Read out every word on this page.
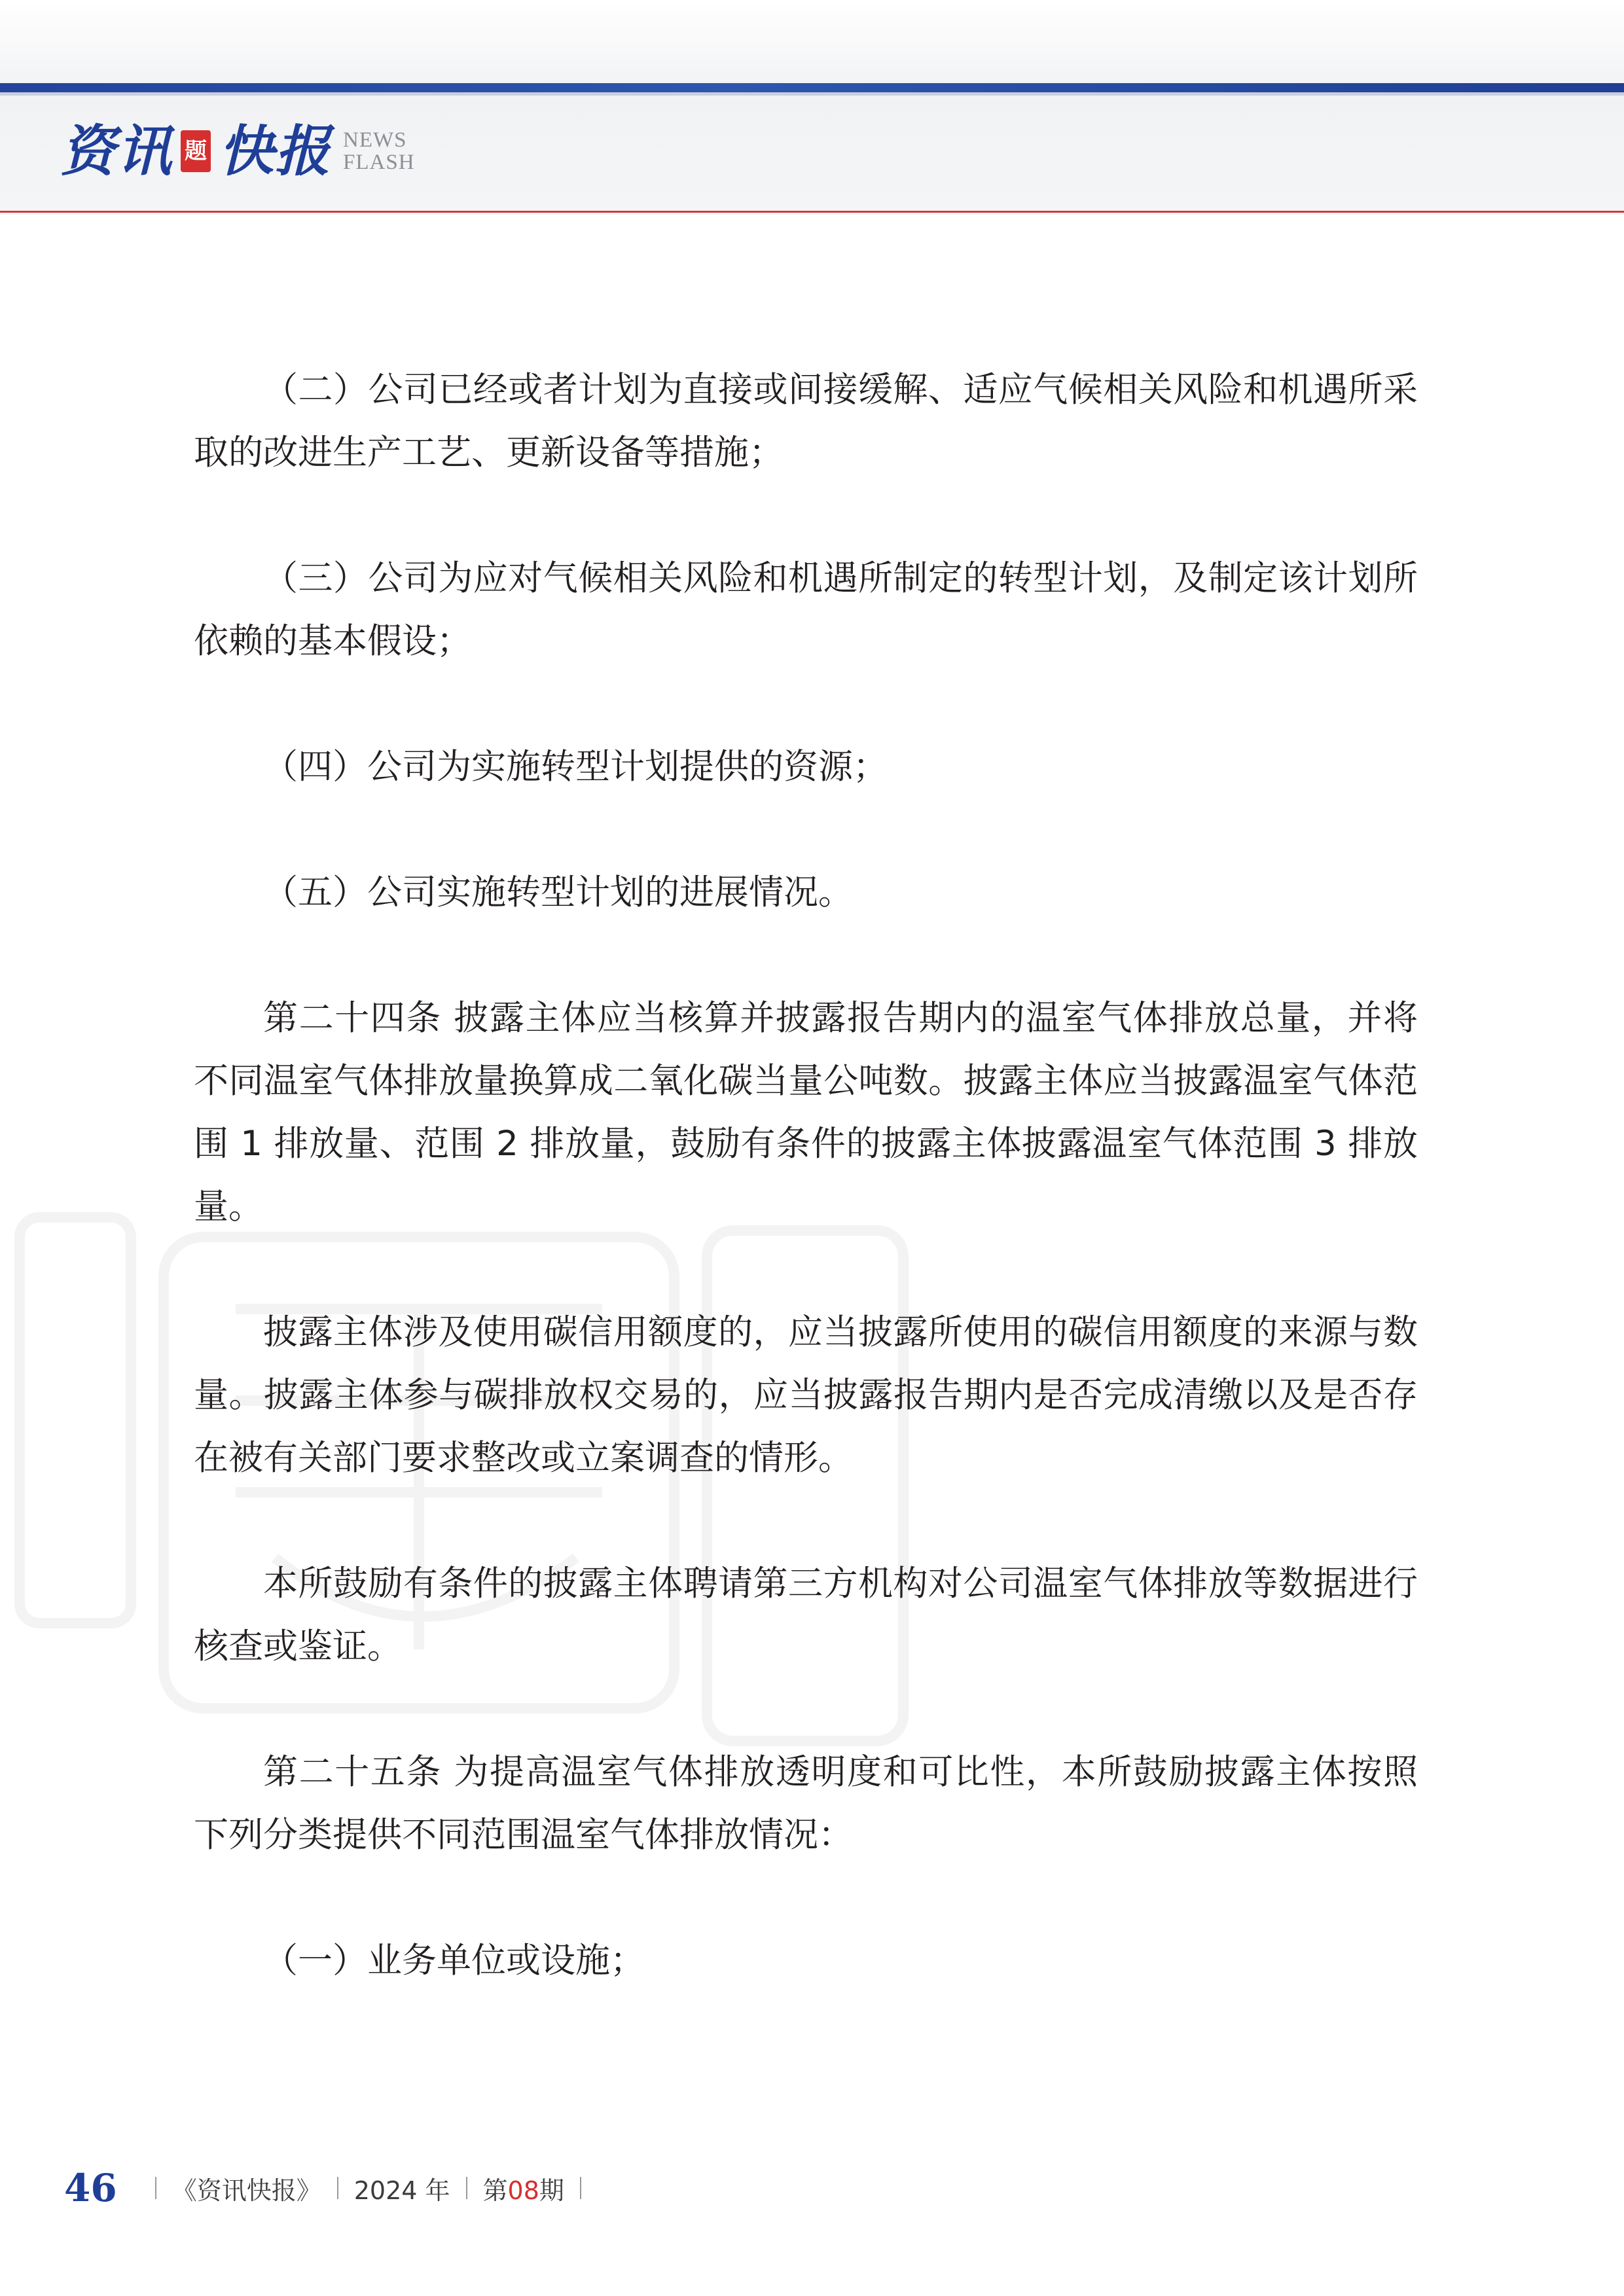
资讯 题 快报 NEWS
FLASH

（二）公司已经或者计划为直接或间接缓解、适应气候相关风险和机遇所采取的改进生产工艺、更新设备等措施；

（三）公司为应对气候相关风险和机遇所制定的转型计划，及制定该计划所依赖的基本假设；

（四）公司为实施转型计划提供的资源；

（五）公司实施转型计划的进展情况。

第二十四条 披露主体应当核算并披露报告期内的温室气体排放总量，并将不同温室气体排放量换算成二氧化碳当量公吨数。披露主体应当披露温室气体范围 1 排放量、范围 2 排放量，鼓励有条件的披露主体披露温室气体范围 3 排放量。

披露主体涉及使用碳信用额度的，应当披露所使用的碳信用额度的来源与数量。披露主体参与碳排放权交易的，应当披露报告期内是否完成清缴以及是否存在被有关部门要求整改或立案调查的情形。

本所鼓励有条件的披露主体聘请第三方机构对公司温室气体排放等数据进行核查或鉴证。

第二十五条 为提高温室气体排放透明度和可比性，本所鼓励披露主体按照下列分类提供不同范围温室气体排放情况：

（一）业务单位或设施；

46 《资讯快报》 2024 年 第08期
